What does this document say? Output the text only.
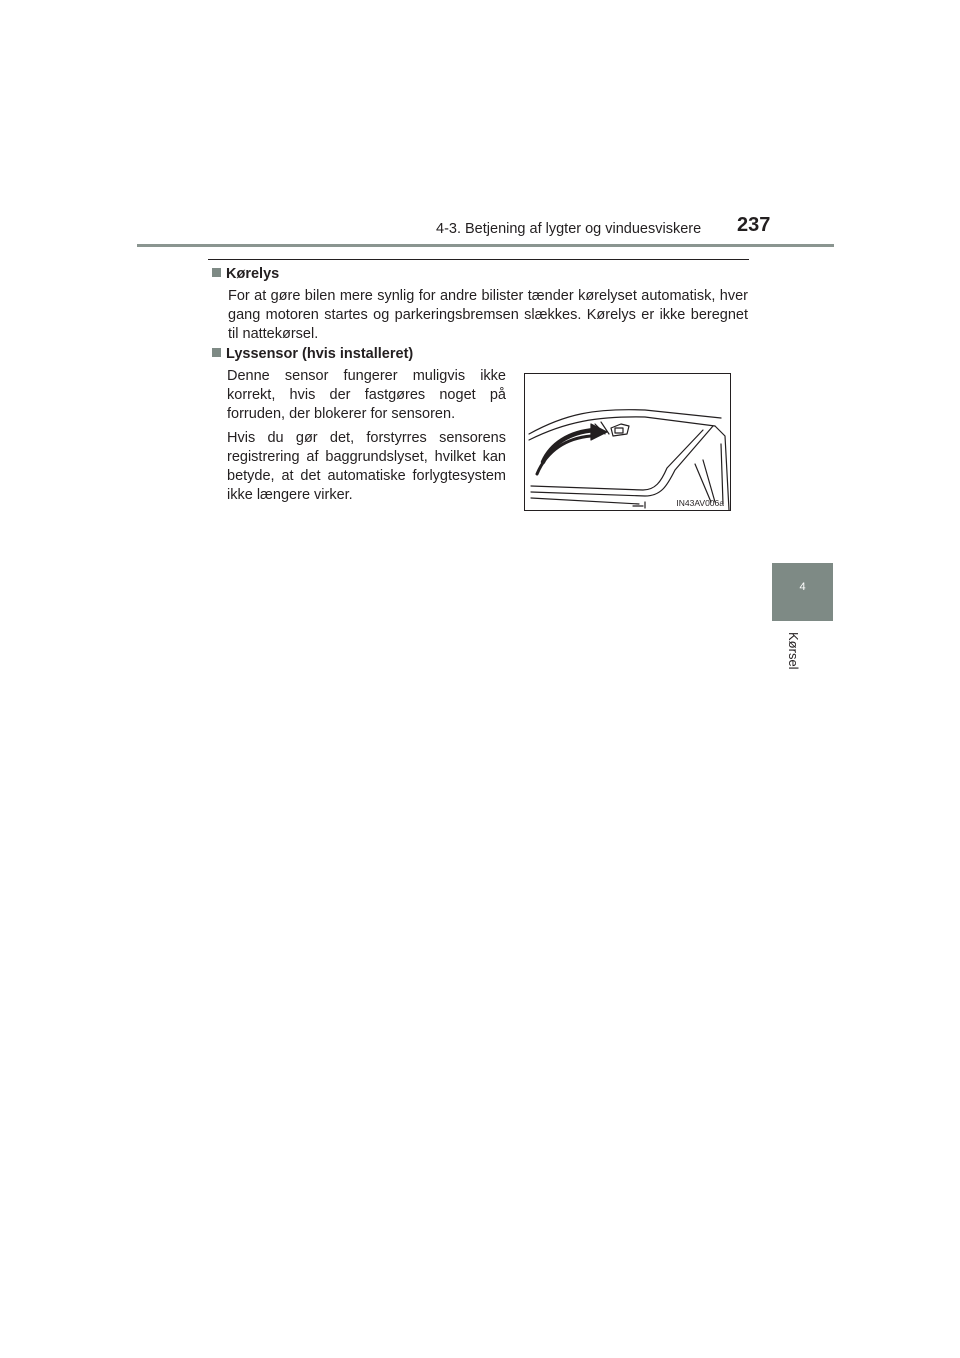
4-3. Betjening af lygter og vinduesviskere 237
4
Kørsel
Kørelys

For at gøre bilen mere synlig for andre bilister tænder kørelyset automatisk, hver gang motoren startes og parkeringsbremsen slækkes. Kørelys er ikke beregnet til nattekørsel.

Lyssensor (hvis installeret)

Denne sensor fungerer muligvis ikke korrekt, hvis der fastgøres noget på forruden, der blokerer for sensoren.

Hvis du gør det, forstyrres sensorens registrering af baggrundslyset, hvilket kan betyde, at det automatiske forlygtesystem ikke længere virker.	IN43AV006a
